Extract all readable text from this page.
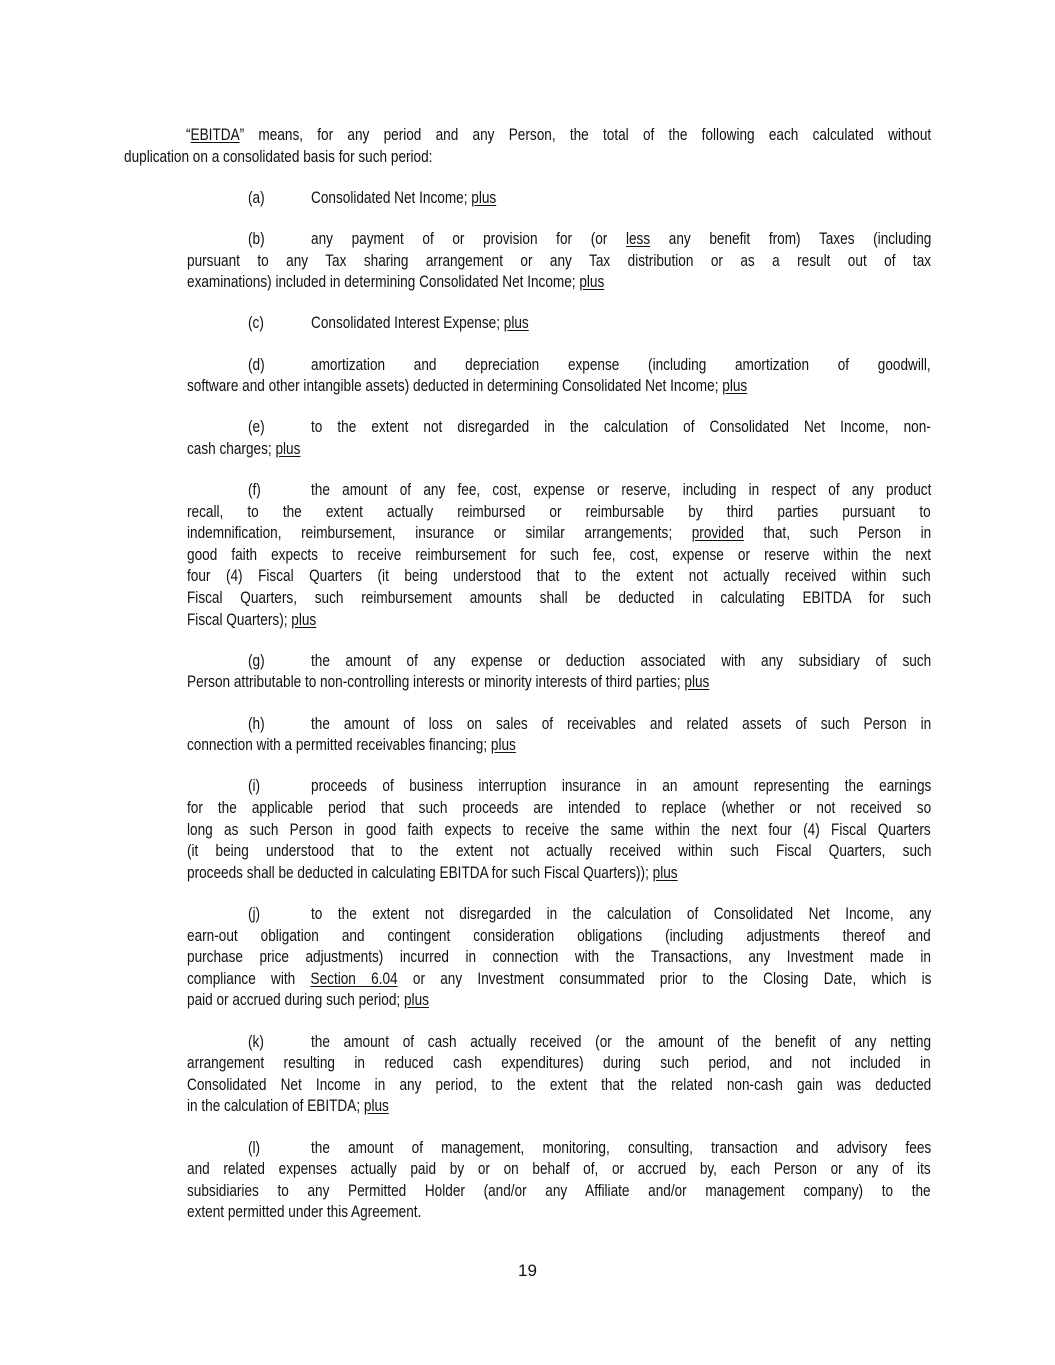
“EBITDA” means, for any period and any Person, the total of the following each calculated without
duplication on a consolidated basis for such period:
Consolidated Net Income; plus
(a)
any payment of or provision for (or less any benefit from) Taxes (including
(b)
pursuant to any Tax sharing arrangement or any Tax distribution or as a result out of tax
examinations) included in determining Consolidated Net Income; plus
Consolidated Interest Expense; plus
(c)
amortization and depreciation expense (including amortization of goodwill,
(d)
software and other intangible assets) deducted in determining Consolidated Net Income; plus
to the extent not disregarded in the calculation of Consolidated Net Income, non-
(e)
cash charges; plus
the amount of any fee, cost, expense or reserve, including in respect of any product
(f)
recall, to the extent actually reimbursed or reimbursable by third parties pursuant to
indemnification, reimbursement, insurance or similar arrangements; provided that, such Person in
good faith expects to receive reimbursement for such fee, cost, expense or reserve within the next
four (4) Fiscal Quarters (it being understood that to the extent not actually received within such
Fiscal Quarters, such reimbursement amounts shall be deducted in calculating EBITDA for such
Fiscal Quarters); plus
the amount of any expense or deduction associated with any subsidiary of such
(g)
Person attributable to non-controlling interests or minority interests of third parties; plus
the amount of loss on sales of receivables and related assets of such Person in
(h)
connection with a permitted receivables financing; plus
proceeds of business interruption insurance in an amount representing the earnings
(i)
for the applicable period that such proceeds are intended to replace (whether or not received so
long as such Person in good faith expects to receive the same within the next four (4) Fiscal Quarters
(it being understood that to the extent not actually received within such Fiscal Quarters, such
proceeds shall be deducted in calculating EBITDA for such Fiscal Quarters)); plus
to the extent not disregarded in the calculation of Consolidated Net Income, any
(j)
earn-out obligation and contingent consideration obligations (including adjustments thereof and
purchase price adjustments) incurred in connection with the Transactions, any Investment made in
compliance with Section 6.04 or any Investment consummated prior to the Closing Date, which is
paid or accrued during such period; plus
the amount of cash actually received (or the amount of the benefit of any netting
(k)
arrangement resulting in reduced cash expenditures) during such period, and not included in
Consolidated Net Income in any period, to the extent that the related non-cash gain was deducted
in the calculation of EBITDA; plus
the amount of management, monitoring, consulting, transaction and advisory fees
(l)
and related expenses actually paid by or on behalf of, or accrued by, each Person or any of its
subsidiaries to any Permitted Holder (and/or any Affiliate and/or management company) to the
extent permitted under this Agreement.
19
